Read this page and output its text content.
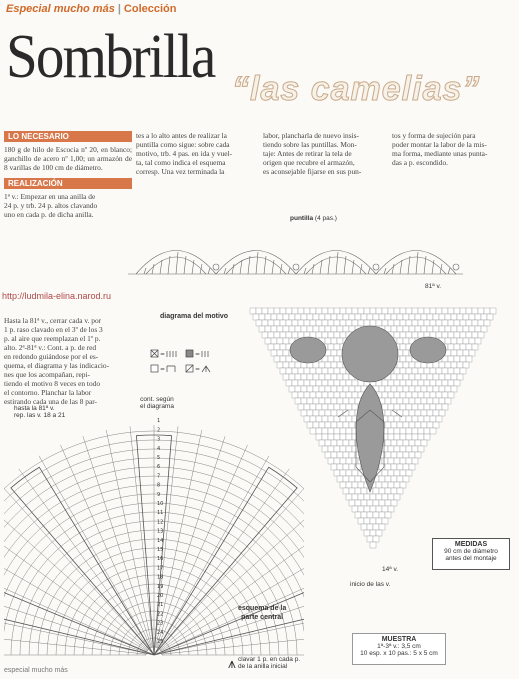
Especial mucho más | Colección
Sombrilla “las camelias”
LO NECESARIO
180 g de hilo de Escocia nº 20, en blanco; ganchillo de acero nº 1,00; un armazón de 8 varillas de 100 cm de diámetro.
REALIZACIÓN
1ª v.: Empezar en una anilla de
24 p. y trb. 24 p. altos clavando
uno en cada p. de dicha anilla.
tes a lo alto antes de realizar la
puntilla como sigue: sobre cada
motivo, trb. 4 pas. en ida y vuel-
ta, tal como indica el esquema
corresp. Una vez terminada la
labor, plancharla de nuevo insis-
tiendo sobre las puntillas. Mon-
taje: Antes de retirar la tela de
origen que recubre el armazón,
es aconsejable fijarse en sus pun-
tos y forma de sujeción para
poder montar la labor de la mis-
ma forma, mediante unas punta-
das a p. escondido.
puntilla (4 pas.)
81ª v.
http://ludmila-elina.narod.ru
Hasta la 81ª v., cerrar cada v. por
1 p. raso clavado en el 3º de los 3
p. al aire que reemplazan el 1º p.
alto. 2ª-81ª v.: Cont. a p. de red
en redondo guiándose por el es-
quema, el diagrama y las indicacio-
nes que los acompañan, repi-
tiendo el motivo 8 veces en todo
el contorno. Planchar la labor
estirando cada una de las 8 par-
diagrama del motivo
=	=
=	=
14ª v.
inicio de las v.
MEDIDAS
90 cm de diámetro
antes del montaje
MUESTRA
1ª-3ª v.: 3,5 cm
10 esp. x 10 pas.: 5 x 5 cm
hasta la 81ª v.
rep. las v. 18 a 21
cont. según
el diagrama
25
24
23
22
21
20
19
18
17
16
15
14
13
12
11
10
9
8
7
6
5
4
3
2
1
esquema de la
parte central
⩚ clavar 1 p. en cada p.
de la anilla inicial
especial mucho más
